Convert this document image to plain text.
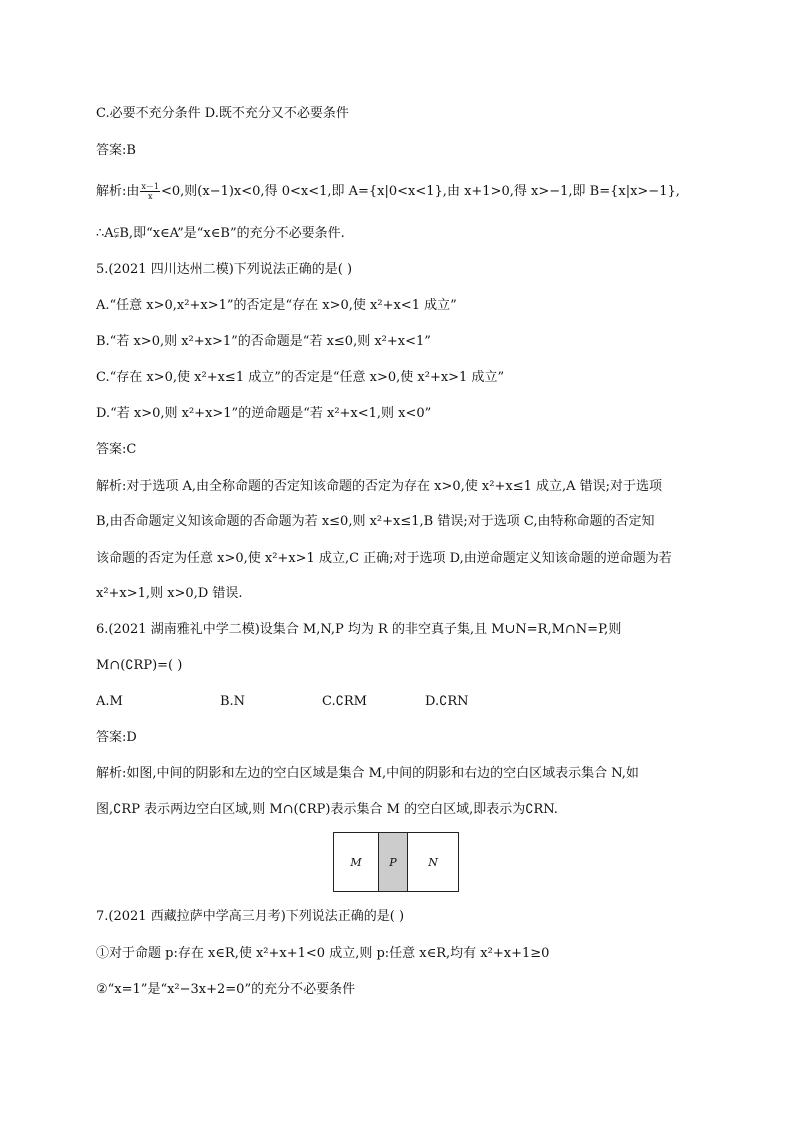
C.必要不充分条件 D.既不充分又不必要条件
答案:B
解析:由 $\frac{x-1}{x} <0$,则(x−1)x<0,得 0<x<1,即 A={x|0<x<1},由 x+1>0,得 x>−1,即 B={x|x>−1},
∴A⫋B,即“x∈A”是“x∈B”的充分不必要条件.
5.(2021 四川达州二模)下列说法正确的是( )
A.“任意 x>0,x²+x>1”的否定是“存在 x>0,使 x²+x<1 成立”
B.“若 x>0,则 x²+x>1”的否命题是“若 x≤0,则 x²+x<1”
C.“存在 x>0,使 x²+x≤1 成立”的否定是“任意 x>0,使 x²+x>1 成立”
D.“若 x>0,则 x²+x>1”的逆命题是“若 x²+x<1,则 x<0”
答案:C
解析:对于选项 A,由全称命题的否定知该命题的否定为存在 x>0,使 x²+x≤1 成立,A 错误;对于选项
B,由否命题定义知该命题的否命题为若 x≤0,则 x²+x≤1,B 错误;对于选项 C,由特称命题的否定知
该命题的否定为任意 x>0,使 x²+x>1 成立,C 正确;对于选项 D,由逆命题定义知该命题的逆命题为若
x²+x>1,则 x>0,D 错误.
6.(2021 湖南雅礼中学二模)设集合 M,N,P 均为 R 的非空真子集,且 M∪N=R,M∩N=P,则
M∩(∁RP)=( )
A.M	B.N	C.∁RM	D.∁RN
答案:D
解析:如图,中间的阴影和左边的空白区域是集合 M,中间的阴影和右边的空白区域表示集合 N,如
图,∁RP 表示两边空白区域,则 M∩(∁RP)表示集合 M 的空白区域,即表示为∁RN.
M	P	N
7.(2021 西藏拉萨中学高三月考)下列说法正确的是( )
①对于命题 p:存在 x∈R,使 x²+x+1<0 成立,则 p:任意 x∈R,均有 x²+x+1≥0
②“x=1”是“x²−3x+2=0”的充分不必要条件
